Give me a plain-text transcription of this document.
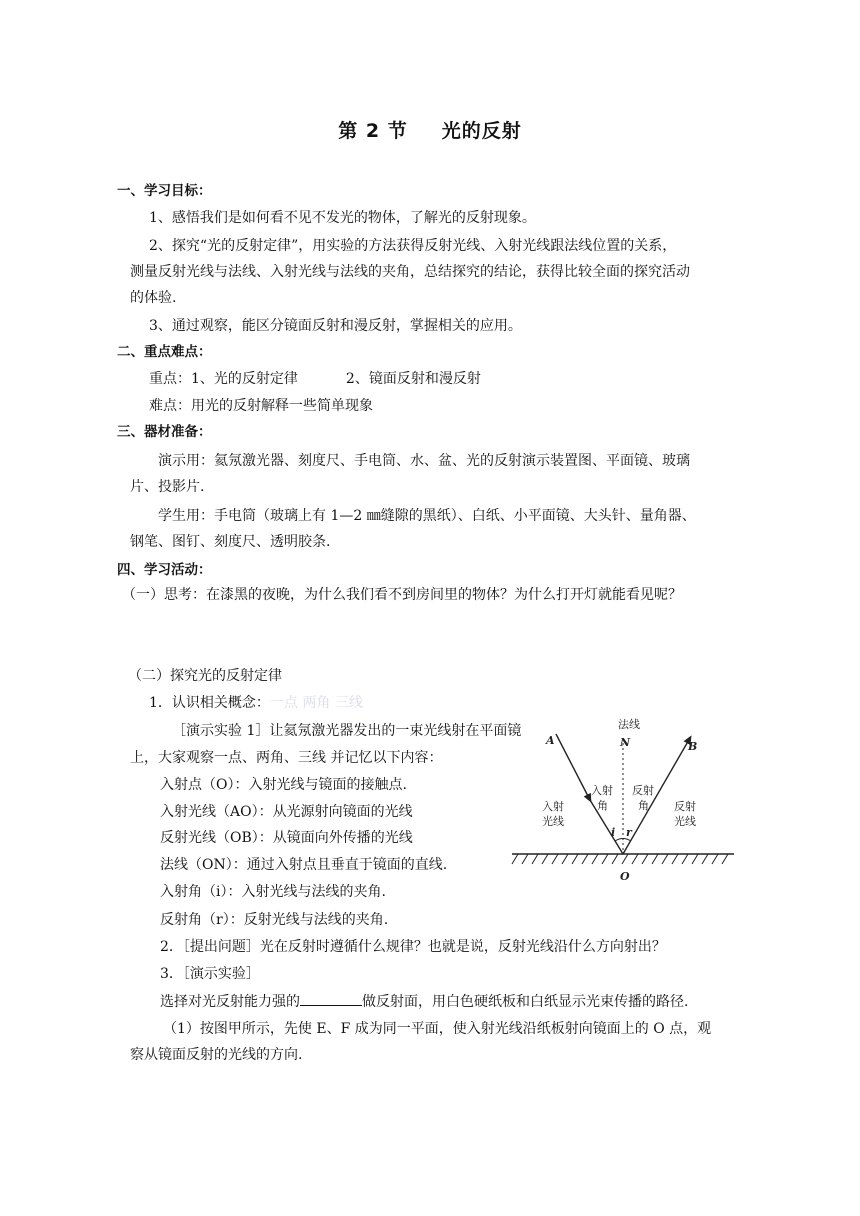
第 2 节 光的反射
一、学习目标：
1、感悟我们是如何看不见不发光的物体，了解光的反射现象。
2、探究“光的反射定律”，用实验的方法获得反射光线、入射光线跟法线位置的关系，
测量反射光线与法线、入射光线与法线的夹角，总结探究的结论，获得比较全面的探究活动
的体验.
3、通过观察，能区分镜面反射和漫反射，掌握相关的应用。
二、重点难点：
重点：1、光的反射定律	2、镜面反射和漫反射
难点：用光的反射解释一些简单现象
三、器材准备：
演示用：氦氖激光器、刻度尺、手电筒、水、盆、光的反射演示装置图、平面镜、玻璃
片、投影片.
学生用：手电筒（玻璃上有 1—2 ㎜缝隙的黑纸）、白纸、小平面镜、大头针、量角器、
钢笔、图钉、刻度尺、透明胶条.
四、学习活动：
（一）思考：在漆黑的夜晚，为什么我们看不到房间里的物体？为什么打开灯就能看见呢？
（二）探究光的反射定律
1．认识相关概念：一点 两角 三线
［演示实验 1］让氦氖激光器发出的一束光线射在平面镜
上，大家观察一点、两角、三线 并记忆以下内容：
入射点（O）：入射光线与镜面的接触点.
入射光线（AO）：从光源射向镜面的光线
反射光线（OB）：从镜面向外传播的光线
法线（ON）：通过入射点且垂直于镜面的直线.
入射角（i）：入射光线与法线的夹角.
反射角（r）：反射光线与法线的夹角.
2．［提出问题］光在反射时遵循什么规律？也就是说，反射光线沿什么方向射出？
3．［演示实验］
选择对光反射能力强的	做反射面，用白色硬纸板和白纸显示光束传播的路径.
（1）按图甲所示，先使 E、F 成为同一平面，使入射光线沿纸板射向镜面上的 O 点，观
察从镜面反射的光线的方向.
法线
N
A	B
O
i r
入射
角
反射
角
入射
光线
反射
光线
